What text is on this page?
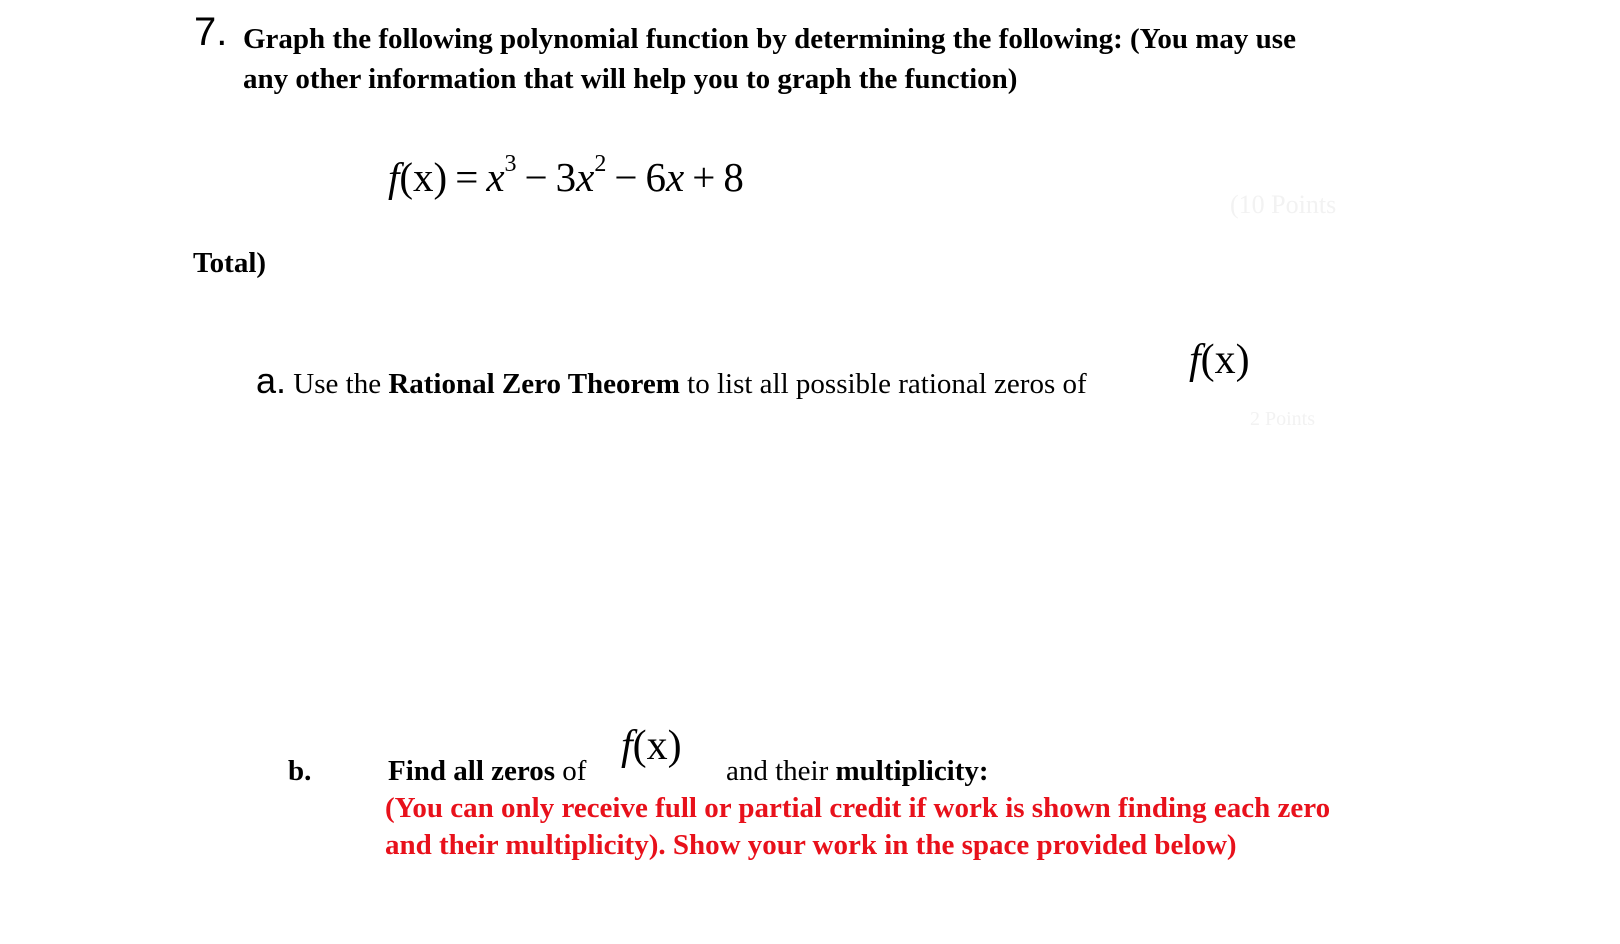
7. Graph the following polynomial function by determining the following: (You may use
any other information that will help you to graph the function)
$f(x) = x^3 - 3x^2 - 6x + 8$
(10 Points
Total)
a. Use the Rational Zero Theorem to list all possible rational zeros of
f(x)
2 Points
b.	Find all zeros of
f(x)
and their multiplicity:
(You can only receive full or partial credit if work is shown finding each zero
and their multiplicity). Show your work in the space provided below)
